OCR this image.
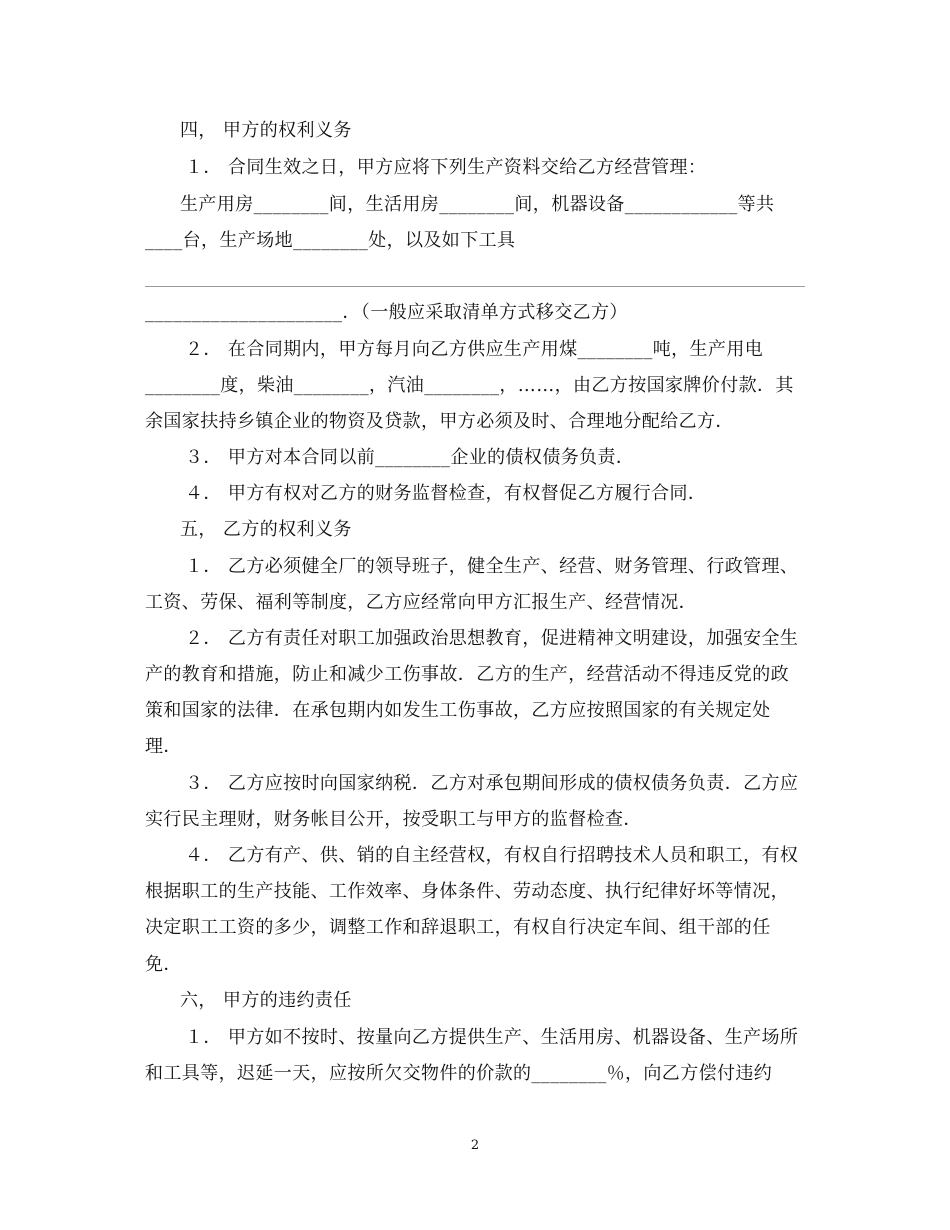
四， 甲方的权利义务
１． 合同生效之日，甲方应将下列生产资料交给乙方经营管理：
生产用房________间，生活用房________间，机器设备____________等共
____台，生产场地________处，以及如下工具
_____________________．（一般应采取清单方式移交乙方）
２． 在合同期内，甲方每月向乙方供应生产用煤________吨，生产用电
________度，柴油________，汽油________，……，由乙方按国家牌价付款．其
余国家扶持乡镇企业的物资及贷款，甲方必须及时、合理地分配给乙方．
３． 甲方对本合同以前________企业的债权债务负责．
４． 甲方有权对乙方的财务监督检查，有权督促乙方履行合同．
五， 乙方的权利义务
１． 乙方必须健全厂的领导班子，健全生产、经营、财务管理、行政管理、
工资、劳保、福利等制度，乙方应经常向甲方汇报生产、经营情况．
２． 乙方有责任对职工加强政治思想教育，促进精神文明建设，加强安全生
产的教育和措施，防止和减少工伤事故．乙方的生产，经营活动不得违反党的政
策和国家的法律．在承包期内如发生工伤事故，乙方应按照国家的有关规定处
理．
３． 乙方应按时向国家纳税．乙方对承包期间形成的债权债务负责．乙方应
实行民主理财，财务帐目公开，按受职工与甲方的监督检查．
４． 乙方有产、供、销的自主经营权，有权自行招聘技术人员和职工，有权
根据职工的生产技能、工作效率、身体条件、劳动态度、执行纪律好坏等情况，
决定职工工资的多少，调整工作和辞退职工，有权自行决定车间、组干部的任
免．
六， 甲方的违约责任
１． 甲方如不按时、按量向乙方提供生产、生活用房、机器设备、生产场所
和工具等，迟延一天，应按所欠交物件的价款的________％，向乙方偿付违约
2
